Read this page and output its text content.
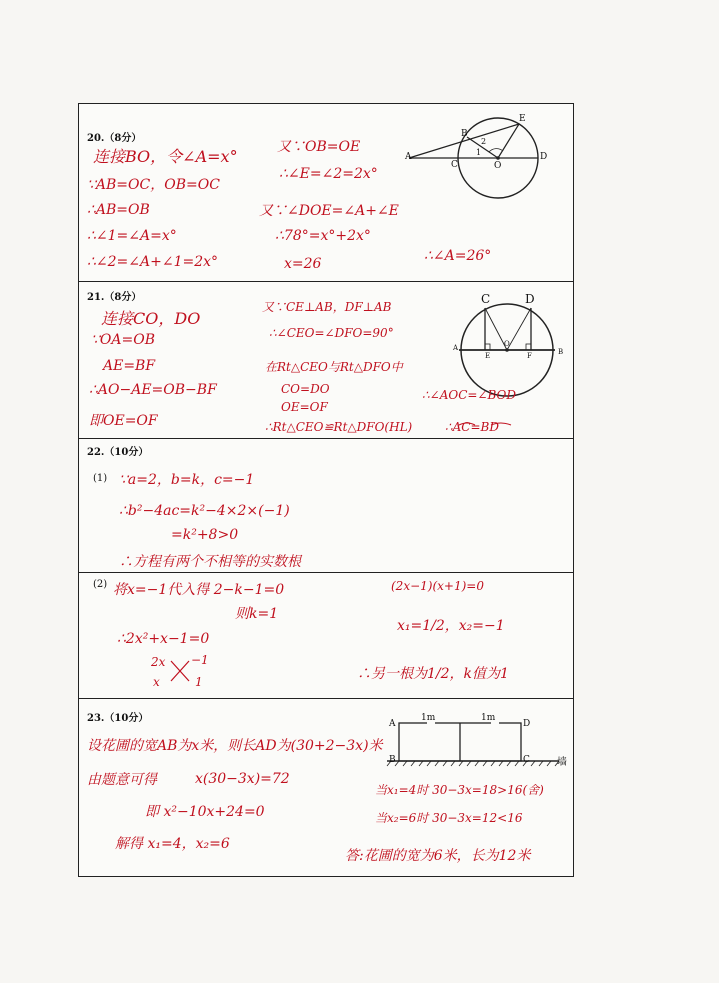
20.（8分）
A
B
C	O
D
E
1
2
连接BO，令∠A=x°
∵AB=OC，OB=OC
∴AB=OB
∴∠1=∠A=x°
∴∠2=∠A+∠1=2x°
又∵OB=OE
∴∠E=∠2=2x°
又∵∠DOE=∠A+∠E
∴78°=x°+2x°
x=26	∴∠A=26°
21.（8分）	C	D
A
E
O
F	B
连接CO，DO
∵OA=OB
AE=BF
∴AO−AE=OB−BF
即OE=OF
又∵CE⊥AB，DF⊥AB
∴∠CEO=∠DFO=90°
在Rt△CEO与Rt△DFO中
CO=DO
OE=OF
∴Rt△CEO≌Rt△DFO(HL)
∴∠AOC=∠BOD
∴AC=BD
22.（10分）
(1) ∵a=2，b=k，c=−1
∴b²−4ac=k²−4×2×(−1)
=k²+8>0
∴方程有两个不相等的实数根
(2) 将x=−1代入得 2−k−1=0
则k=1
∴2x²+x−1=0
2x −1
x	1
(2x−1)(x+1)=0
x₁=1/2，x₂=−1
∴另一根为1/2，k值为1
23.（10分）	A
B	C
D
1m	1m
墙
设花圃的宽AB为x米，则长AD为(30+2−3x)米
由题意可得	x(30−3x)=72
即 x²−10x+24=0
解得 x₁=4，x₂=6
当x₁=4时 30−3x=18>16(舍)
当x₂=6时 30−3x=12<16
答:花圃的宽为6米，长为12米
